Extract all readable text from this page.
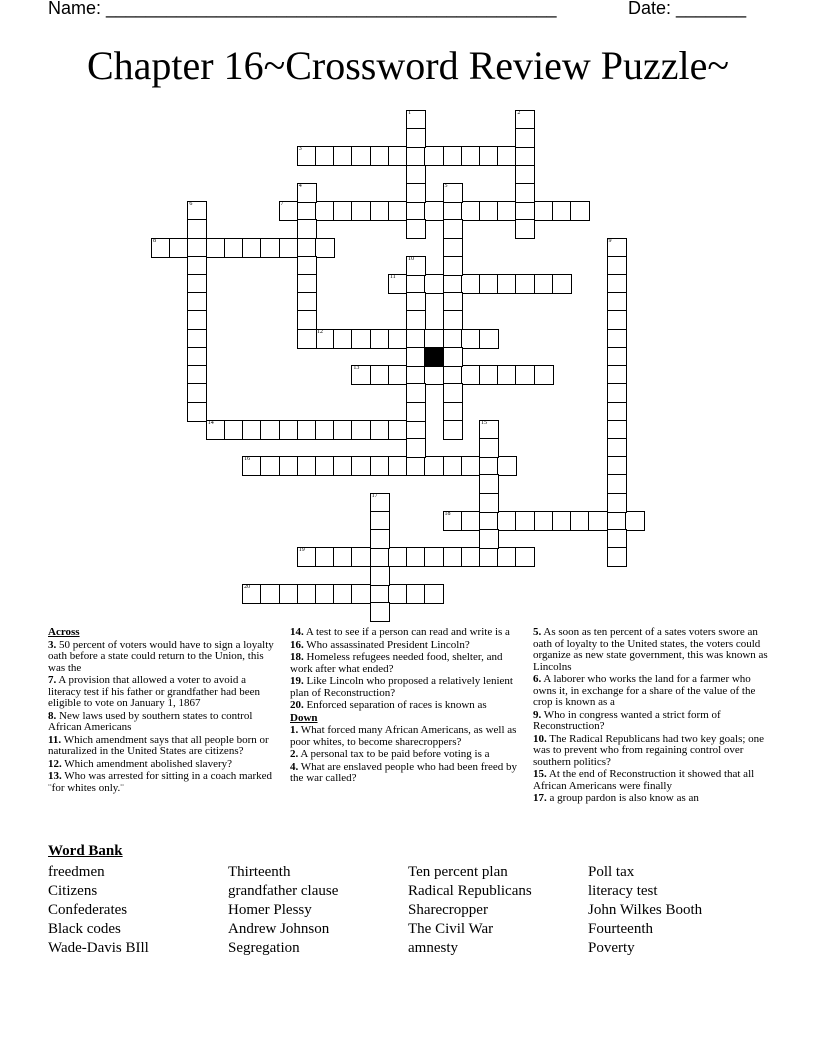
Name: _____________________________________________	Date: _______
Chapter 16~Crossword Review Puzzle~
3
7
8
11
12
13
14
16
18
19
20
1	2
4	5
6
9
10
15
17
Across
3. 50 percent of voters would have to sign a loyalty oath before a state could return to the Union, this was the
7. A provision that allowed a voter to avoid a literacy test if his father or grandfather had been eligible to vote on January 1, 1867
8. New laws used by southern states to control African Americans
11. Which amendment says that all people born or naturalized in the United States are citizens?
12. Which amendment abolished slavery?
13. Who was arrested for sitting in a coach marked ¨for whites only.¨
14. A test to see if a person can read and write is a
16. Who assassinated President Lincoln?
18. Homeless refugees needed food, shelter, and work after what ended?
19. Like Lincoln who proposed a relatively lenient plan of Reconstruction?
20. Enforced separation of races is known as
Down
1. What forced many African Americans, as well as poor whites, to become sharecroppers?
2. A personal tax to be paid before voting is a
4. What are enslaved people who had been freed by the war called?
5. As soon as ten percent of a sates voters swore an oath of loyalty to the United states, the voters could organize as new state government, this was known as Lincolns
6. A laborer who works the land for a farmer who owns it, in exchange for a share of the value of the crop is known as a
9. Who in congress wanted a strict form of Reconstruction?
10. The Radical Republicans had two key goals; one was to prevent who from regaining control over southern politics?
15. At the end of Reconstruction it showed that all African Americans were finally
17. a group pardon is also know as an
Word Bank
freedmen
Citizens
Confederates
Black codes
Wade-Davis BIll
Thirteenth
grandfather clause
Homer Plessy
Andrew Johnson
Segregation
Ten percent plan
Radical Republicans
Sharecropper
The Civil War
amnesty
Poll tax
literacy test
John Wilkes Booth
Fourteenth
Poverty
